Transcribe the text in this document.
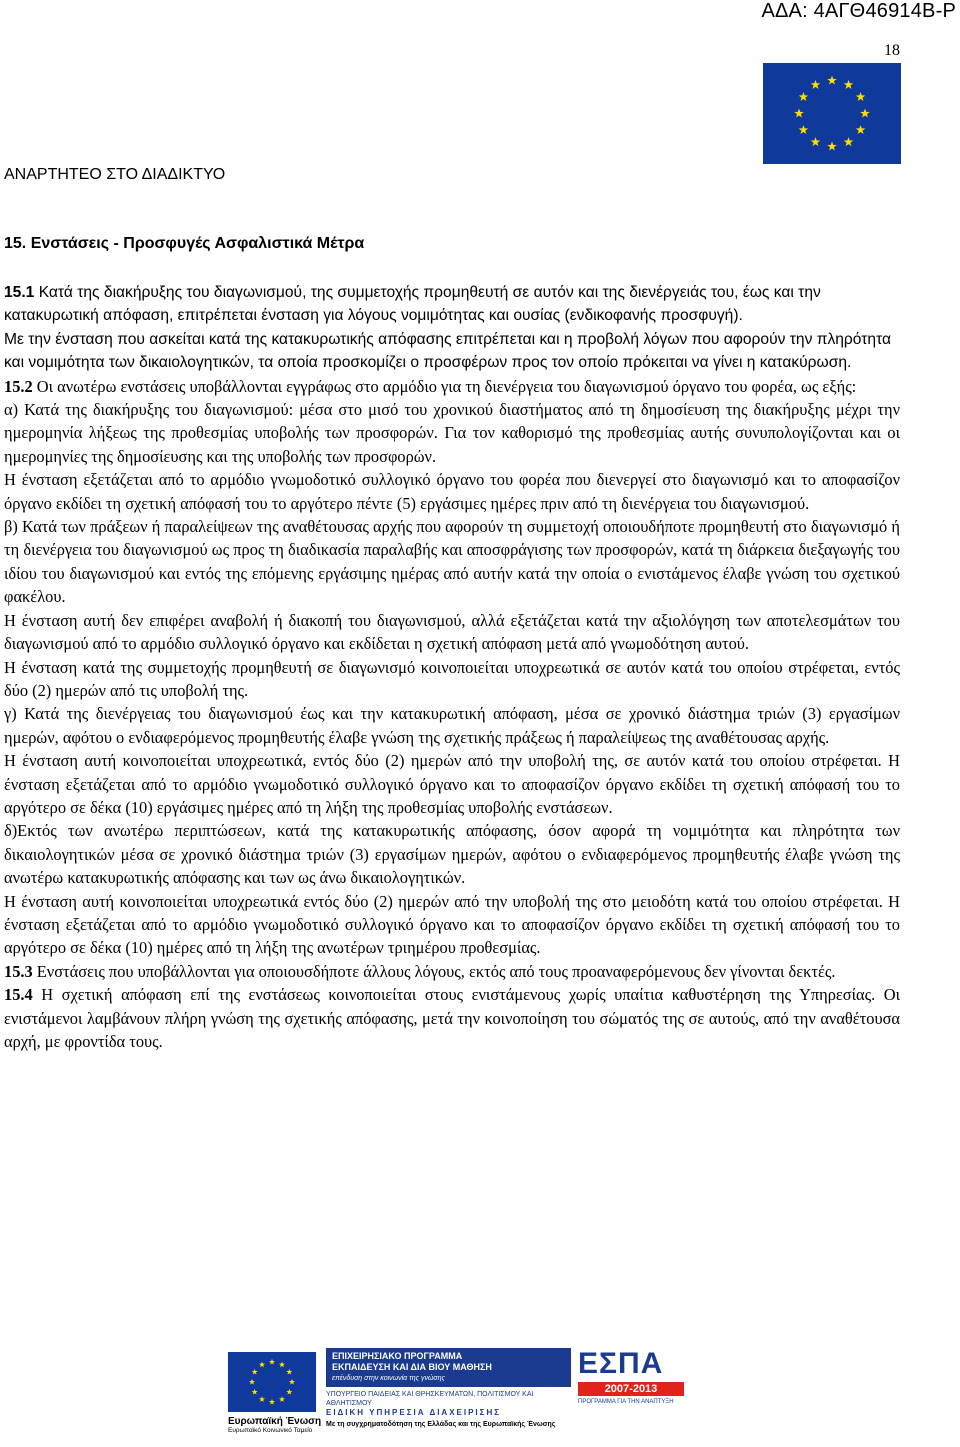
ΑΔΑ: 4ΑΓΘ46914Β-Ρ
18
ΑΝΑΡΤΗΤΕΟ ΣΤΟ ΔΙΑΔΙΚΤΥΟ
15. Ενστάσεις - Προσφυγές Ασφαλιστικά Μέτρα

15.1 Κατά της διακήρυξης του διαγωνισμού, της συμμετοχής προμηθευτή σε αυτόν και της διενέργειάς του, έως και την κατακυρωτική απόφαση, επιτρέπεται ένσταση για λόγους νομιμότητας και ουσίας (ενδικοφανής προσφυγή).

Με την ένσταση που ασκείται κατά της κατακυρωτικής απόφασης επιτρέπεται και η προβολή λόγων που αφορούν την πληρότητα και νομιμότητα των δικαιολογητικών, τα οποία προσκομίζει ο προσφέρων προς τον οποίο πρόκειται να γίνει η κατακύρωση.

15.2 Οι ανωτέρω ενστάσεις υποβάλλονται εγγράφως στο αρμόδιο για τη διενέργεια του διαγωνισμού όργανο του φορέα, ως εξής:

α) Κατά της διακήρυξης του διαγωνισμού: μέσα στο μισό του χρονικού διαστήματος από τη δημοσίευση της διακήρυξης μέχρι την ημερομηνία λήξεως της προθεσμίας υποβολής των προσφορών. Για τον καθορισμό της προθεσμίας αυτής συνυπολογίζονται και οι ημερομηνίες της δημοσίευσης και της υποβολής των προσφορών.

Η ένσταση εξετάζεται από το αρμόδιο γνωμοδοτικό συλλογικό όργανο του φορέα που διενεργεί στο διαγωνισμό και το αποφασίζον όργανο εκδίδει τη σχετική απόφασή του το αργότερο πέντε (5) εργάσιμες ημέρες πριν από τη διενέργεια του διαγωνισμού.

β) Κατά των πράξεων ή παραλείψεων της αναθέτουσας αρχής που αφορούν τη συμμετοχή οποιουδήποτε προμηθευτή στο διαγωνισμό ή τη διενέργεια του διαγωνισμού ως προς τη διαδικασία παραλαβής και αποσφράγισης των προσφορών, κατά τη διάρκεια διεξαγωγής του ιδίου του διαγωνισμού και εντός της επόμενης εργάσιμης ημέρας από αυτήν κατά την οποία ο ενιστάμενος έλαβε γνώση του σχετικού φακέλου.

Η ένσταση αυτή δεν επιφέρει αναβολή ή διακοπή του διαγωνισμού, αλλά εξετάζεται κατά την αξιολόγηση των αποτελεσμάτων του διαγωνισμού από το αρμόδιο συλλογικό όργανο και εκδίδεται η σχετική απόφαση μετά από γνωμοδότηση αυτού.

Η ένσταση κατά της συμμετοχής προμηθευτή σε διαγωνισμό κοινοποιείται υποχρεωτικά σε αυτόν κατά του οποίου στρέφεται, εντός δύο (2) ημερών από τις υποβολή της.

γ) Κατά της διενέργειας του διαγωνισμού έως και την κατακυρωτική απόφαση, μέσα σε χρονικό διάστημα τριών (3) εργασίμων ημερών, αφότου ο ενδιαφερόμενος προμηθευτής έλαβε γνώση της σχετικής πράξεως ή παραλείψεως της αναθέτουσας αρχής.

Η ένσταση αυτή κοινοποιείται υποχρεωτικά, εντός δύο (2) ημερών από την υποβολή της, σε αυτόν κατά του οποίου στρέφεται. Η ένσταση εξετάζεται από το αρμόδιο γνωμοδοτικό συλλογικό όργανο και το αποφασίζον όργανο εκδίδει τη σχετική απόφασή του το αργότερο σε δέκα (10) εργάσιμες ημέρες από τη λήξη της προθεσμίας υποβολής ενστάσεων.

δ)Εκτός των ανωτέρω περιπτώσεων, κατά της κατακυρωτικής απόφασης, όσον αφορά τη νομιμότητα και πληρότητα των δικαιολογητικών μέσα σε χρονικό διάστημα τριών (3) εργασίμων ημερών, αφότου ο ενδιαφερόμενος προμηθευτής έλαβε γνώση της ανωτέρω κατακυρωτικής απόφασης και των ως άνω δικαιολογητικών.

Η ένσταση αυτή κοινοποιείται υποχρεωτικά εντός δύο (2) ημερών από την υποβολή της στο μειοδότη κατά του οποίου στρέφεται. Η ένσταση εξετάζεται από το αρμόδιο γνωμοδοτικό συλλογικό όργανο και το αποφασίζον όργανο εκδίδει τη σχετική απόφασή του το αργότερο σε δέκα (10) ημέρες από τη λήξη της ανωτέρων τριημέρου προθεσμίας.

15.3 Ενστάσεις που υποβάλλονται για οποιουσδήποτε άλλους λόγους, εκτός από τους προαναφερόμενους δεν γίνονται δεκτές.

15.4 Η σχετική απόφαση επί της ενστάσεως κοινοποιείται στους ενιστάμενους χωρίς υπαίτια καθυστέρηση της Υπηρεσίας. Οι ενιστάμενοι λαμβάνουν πλήρη γνώση της σχετικής απόφασης, μετά την κοινοποίηση του σώματός της σε αυτούς, από την αναθέτουσα αρχή, με φροντίδα τους.

Ευρωπαϊκή Ένωση
Ευρωπαϊκό Κοινωνικό Ταμείο
ΕΠΙΧΕΙΡΗΣΙΑΚΟ ΠΡΟΓΡΑΜΜΑ
ΕΚΠΑΙΔΕΥΣΗ ΚΑΙ ΔΙΑ ΒΙΟΥ ΜΑΘΗΣΗ
επένδυση στην κοινωνία της γνώσης
ΥΠΟΥΡΓΕΙΟ ΠΑΙΔΕΙΑΣ ΚΑΙ ΘΡΗΣΚΕΥΜΑΤΩΝ, ΠΟΛΙΤΙΣΜΟΥ ΚΑΙ ΑΘΛΗΤΙΣΜΟΥ
ΕΙΔΙΚΗ ΥΠΗΡΕΣΙΑ ΔΙΑΧΕΙΡΙΣΗΣ
Με τη συγχρηματοδότηση της Ελλάδας και της Ευρωπαϊκής Ένωσης
ΕΣΠΑ
2007-2013
ΠΡΟΓΡΑΜΜΑ ΓΙΑ ΤΗΝ ΑΝΑΠΤΥΞΗ
